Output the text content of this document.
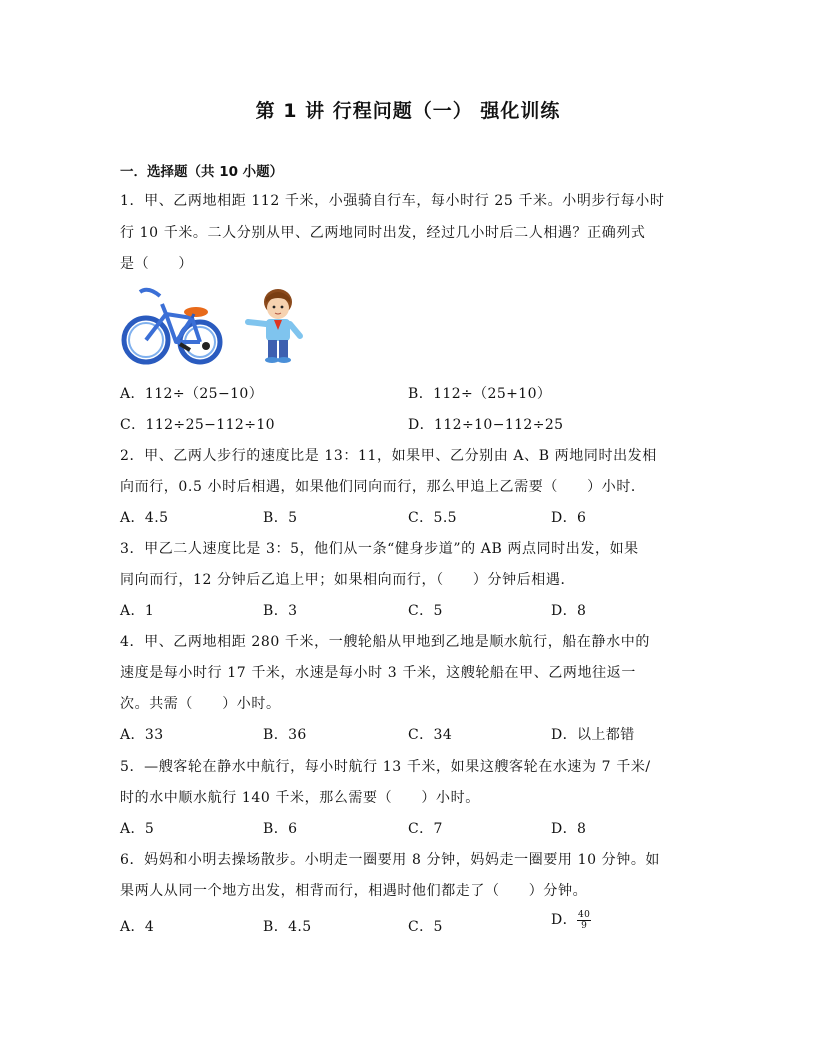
第 1 讲 行程问题（一） 强化训练
一．选择题（共 10 小题）
1．甲、乙两地相距 112 千米，小强骑自行车，每小时行 25 千米。小明步行每小时
行 10 千米。二人分别从甲、乙两地同时出发，经过几小时后二人相遇？正确列式
是（　　）
A．112÷（25−10）	B．112÷（25+10）
C．112÷25−112÷10	D．112÷10−112÷25
2．甲、乙两人步行的速度比是 13：11，如果甲、乙分别由 A、B 两地同时出发相
向而行，0.5 小时后相遇，如果他们同向而行，那么甲追上乙需要（　　）小时．
A．4.5	B．5	C．5.5	D．6
3．甲乙二人速度比是 3：5，他们从一条“健身步道”的 AB 两点同时出发，如果
同向而行，12 分钟后乙追上甲；如果相向而行，（　　）分钟后相遇．
A．1	B．3	C．5	D．8
4．甲、乙两地相距 280 千米，一艘轮船从甲地到乙地是顺水航行，船在静水中的
速度是每小时行 17 千米，水速是每小时 3 千米，这艘轮船在甲、乙两地往返一
次。共需（　　）小时。
A．33	B．36	C．34	D．以上都错
5．—艘客轮在静水中航行，每小时航行 13 千米，如果这艘客轮在水速为 7 千米/
时的水中顺水航行 140 千米，那么需要（　　）小时。
A．5	B．6	C．7	D．8
6．妈妈和小明去操场散步。小明走一圈要用 8 分钟，妈妈走一圈要用 10 分钟。如
果两人从同一个地方出发，相背而行，相遇时他们都走了（　　）分钟。
A．4	B．4.5	C．5	D． $\frac{40}{9}$
